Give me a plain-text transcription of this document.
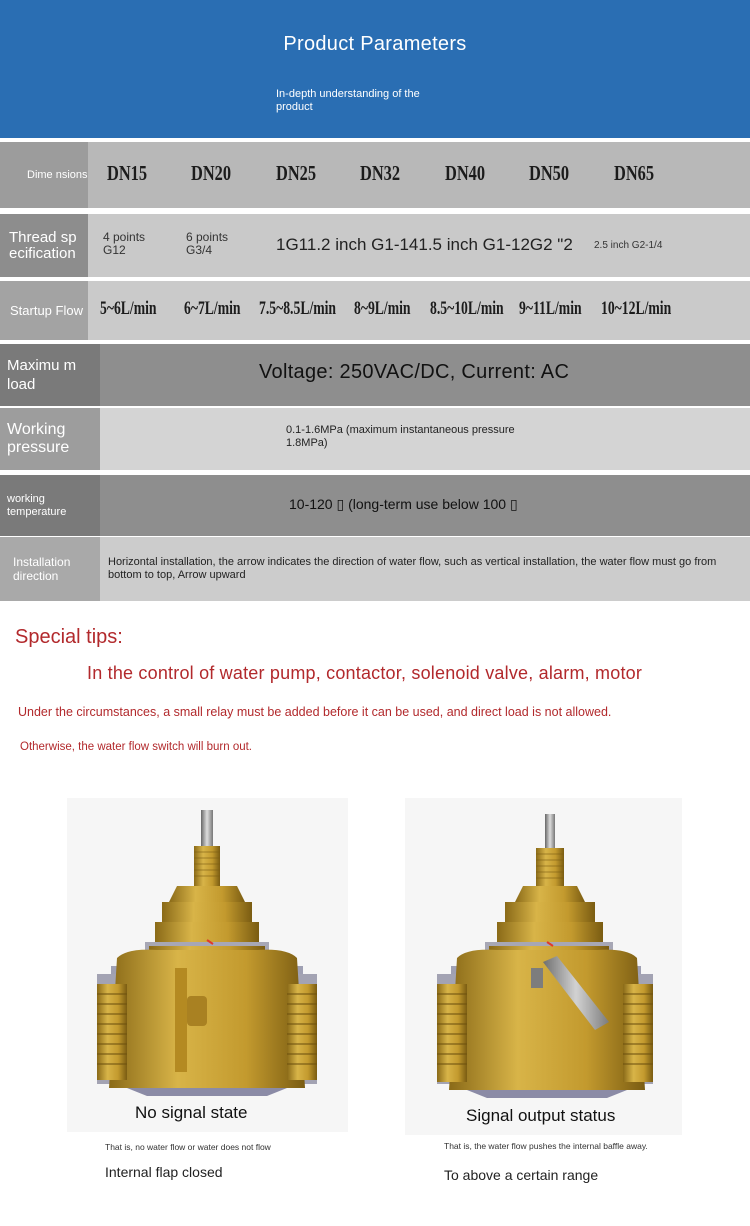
Product Parameters
In-depth understanding of the product
Dime nsions DN15 DN20 DN25 DN32 DN40 DN50 DN65
Thread sp ecification
4 points G12
6 points G3/4	1G11.2 inch G1-141.5 inch G1-12G2 "2 2.5 inch G2-1/4
Startup Flow 5~6L/min 6~7L/min 7.5~8.5L/min 8~9L/min 8.5~10L/min 9~11L/min 10~12L/min
Maximu m load
Voltage: 250VAC/DC, Current: AC
Working pressure
0.1-1.6MPa (maximum instantaneous pressure 1.8MPa)
working temperature	10-120 ▯ (long-term use below 100 ▯
Installation direction
Horizontal installation, the arrow indicates the direction of water flow, such as vertical installation, the water flow must go from bottom to top, Arrow upward
Special tips:
In the control of water pump, contactor, solenoid valve, alarm, motor
Under the circumstances, a small relay must be added before it can be used, and direct load is not allowed.
Otherwise, the water flow switch will burn out.
No signal state
That is, no water flow or water does not flow
Internal flap closed
Signal output status
That is, the water flow pushes the internal baffle away.
To above a certain range
